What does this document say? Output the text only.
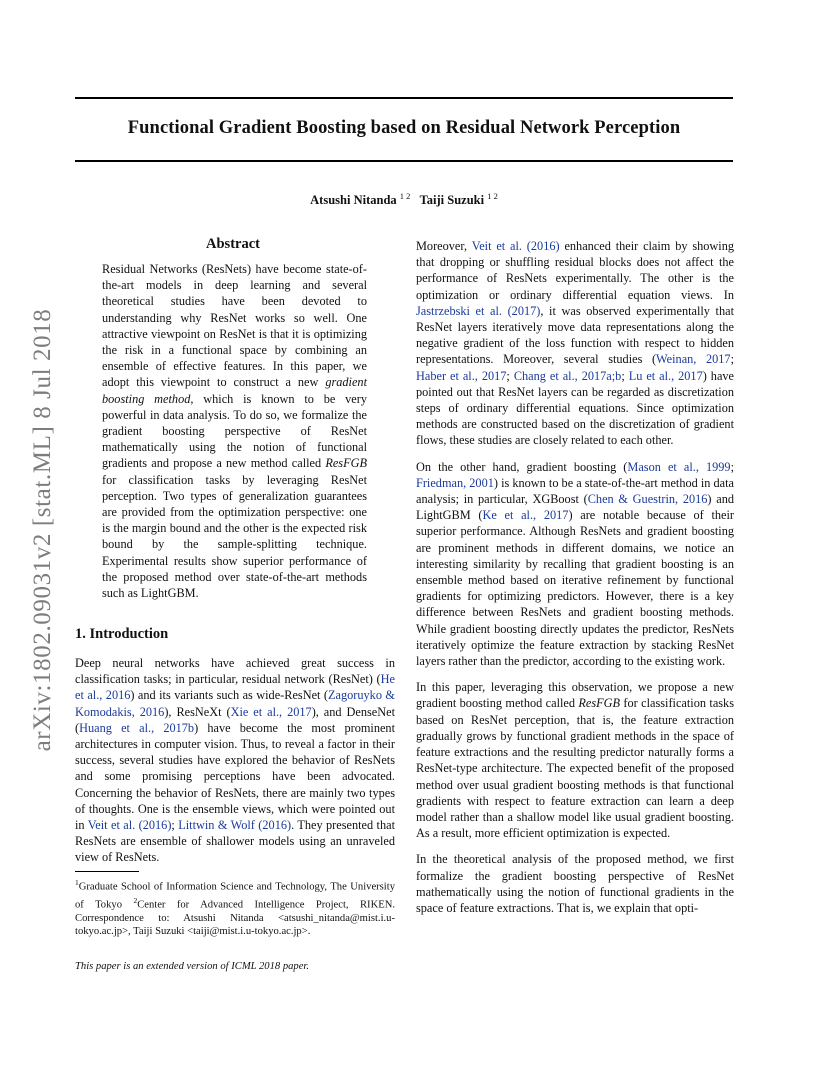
arXiv:1802.09031v2 [stat.ML] 8 Jul 2018
Functional Gradient Boosting based on Residual Network Perception
Atsushi Nitanda $^{1 2}$ Taiji Suzuki $^{1 2}$
Abstract
Residual Networks (ResNets) have become state-of-the-art models in deep learning and several theoretical studies have been devoted to understanding why ResNet works so well. One attractive viewpoint on ResNet is that it is optimizing the risk in a functional space by combining an ensemble of effective features. In this paper, we adopt this viewpoint to construct a new gradient boosting method, which is known to be very powerful in data analysis. To do so, we formalize the gradient boosting perspective of ResNet mathematically using the notion of functional gradients and propose a new method called ResFGB for classification tasks by leveraging ResNet perception. Two types of generalization guarantees are provided from the optimization perspective: one is the margin bound and the other is the expected risk bound by the sample-splitting technique. Experimental results show superior performance of the proposed method over state-of-the-art methods such as LightGBM.
1. Introduction

Deep neural networks have achieved great success in classification tasks; in particular, residual network (ResNet) (He et al., 2016) and its variants such as wide-ResNet (Zagoruyko & Komodakis, 2016), ResNeXt (Xie et al., 2017), and DenseNet (Huang et al., 2017b) have become the most prominent architectures in computer vision. Thus, to reveal a factor in their success, several studies have explored the behavior of ResNets and some promising perceptions have been advocated. Concerning the behavior of ResNets, there are mainly two types of thoughts. One is the ensemble views, which were pointed out in Veit et al. (2016); Littwin & Wolf (2016). They presented that ResNets are ensemble of shallower models using an unraveled view of ResNets.

$^1$Graduate School of Information Science and Technology, The University of Tokyo $^2$Center for Advanced Intelligence Project, RIKEN. Correspondence to: Atsushi Nitanda <atsushi_nitanda@mist.i.u-tokyo.ac.jp>, Taiji Suzuki <taiji@mist.i.u-tokyo.ac.jp>.
This paper is an extended version of ICML 2018 paper.

Moreover, Veit et al. (2016) enhanced their claim by showing that dropping or shuffling residual blocks does not affect the performance of ResNets experimentally. The other is the optimization or ordinary differential equation views. In Jastrzebski et al. (2017), it was observed experimentally that ResNet layers iteratively move data representations along the negative gradient of the loss function with respect to hidden representations. Moreover, several studies (Weinan, 2017; Haber et al., 2017; Chang et al., 2017a;b; Lu et al., 2017) have pointed out that ResNet layers can be regarded as discretization steps of ordinary differential equations. Since optimization methods are constructed based on the discretization of gradient flows, these studies are closely related to each other.

On the other hand, gradient boosting (Mason et al., 1999; Friedman, 2001) is known to be a state-of-the-art method in data analysis; in particular, XGBoost (Chen & Guestrin, 2016) and LightGBM (Ke et al., 2017) are notable because of their superior performance. Although ResNets and gradient boosting are prominent methods in different domains, we notice an interesting similarity by recalling that gradient boosting is an ensemble method based on iterative refinement by functional gradients for optimizing predictors. However, there is a key difference between ResNets and gradient boosting methods. While gradient boosting directly updates the predictor, ResNets iteratively optimize the feature extraction by stacking ResNet layers rather than the predictor, according to the existing work.

In this paper, leveraging this observation, we propose a new gradient boosting method called ResFGB for classification tasks based on ResNet perception, that is, the feature extraction gradually grows by functional gradient methods in the space of feature extractions and the resulting predictor naturally forms a ResNet-type architecture. The expected benefit of the proposed method over usual gradient boosting methods is that functional gradients with respect to feature extraction can learn a deep model rather than a shallow model like usual gradient boosting. As a result, more efficient optimization is expected.

In the theoretical analysis of the proposed method, we first formalize the gradient boosting perspective of ResNet mathematically using the notion of functional gradients in the space of feature extractions. That is, we explain that opti-
